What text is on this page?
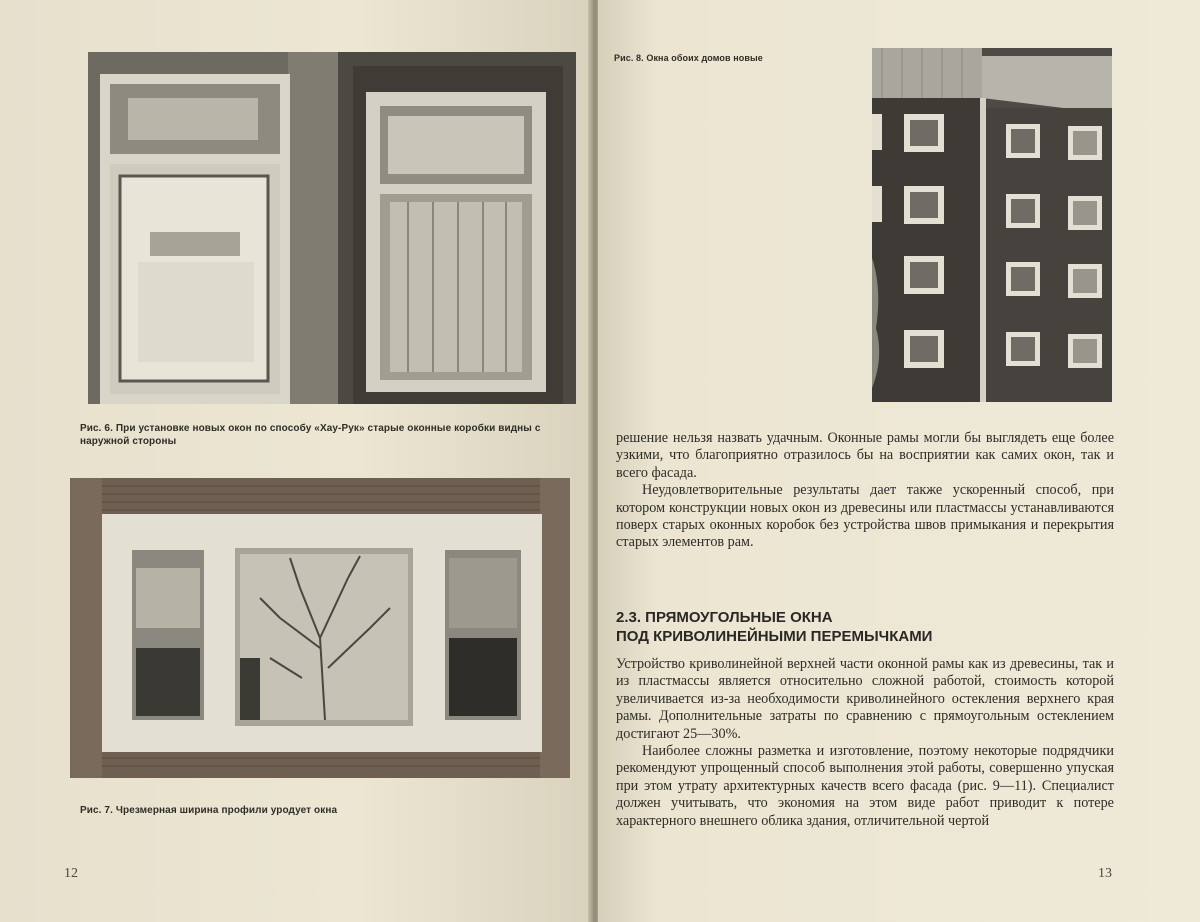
Рис. 6. При установке новых окон по способу «Хау-Рук» старые оконные коробки видны с наружной стороны
Рис. 7. Чрезмерная ширина профили уродует окна
12
Рис. 8. Окна обоих домов новые

решение нельзя назвать удачным. Оконные рамы могли бы выглядеть еще более узкими, что благоприятно отразилось бы на восприятии как самих окон, так и всего фасада.

Неудовлетворительные результаты дает также ускоренный способ, при котором конструкции новых окон из древесины или пластмассы устанавливаются поверх старых оконных коробок без устройства швов примыкания и перекрытия старых элементов рам.

2.3. ПРЯМОУГОЛЬНЫЕ ОКНА
ПОД КРИВОЛИНЕЙНЫМИ ПЕРЕМЫЧКАМИ

Устройство криволинейной верхней части оконной рамы как из древесины, так и из пластмассы является относительно сложной работой, стоимость которой увеличивается из-за необходимости криволинейного остекления верхнего края рамы. Дополнительные затраты по сравнению с прямоугольным остеклением достигают 25—30%.

Наиболее сложны разметка и изготовление, поэтому некоторые подрядчики рекомендуют упрощенный способ выполнения этой работы, совершенно упуская при этом утрату архитектурных качеств всего фасада (рис. 9—11). Специалист должен учитывать, что экономия на этом виде работ приводит к потере характерного внешнего облика здания, отличительной чертой

13
